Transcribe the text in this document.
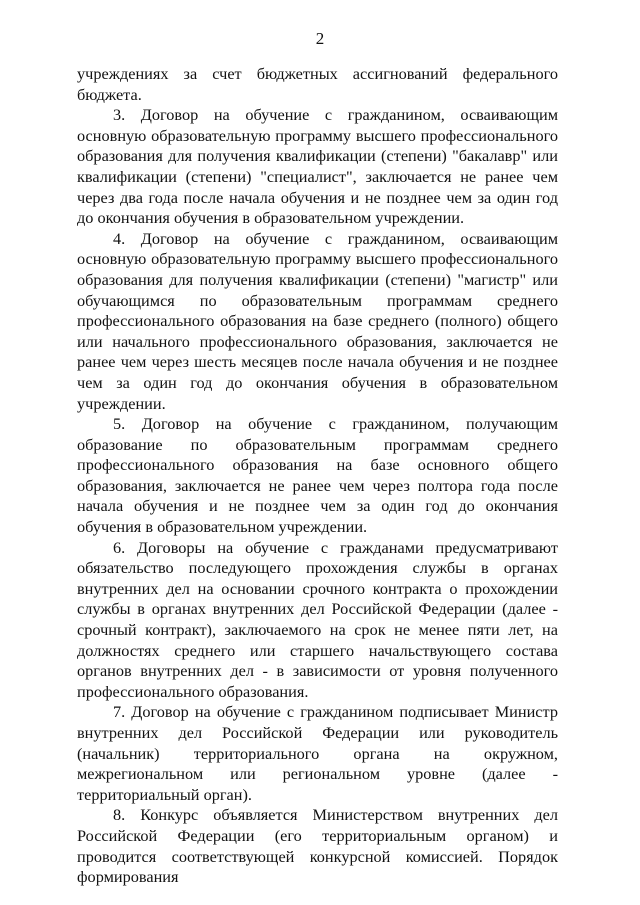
2

учреждениях за счет бюджетных ассигнований федерального бюджета.

3. Договор на обучение с гражданином, осваивающим основную образовательную программу высшего профессионального образования для получения квалификации (степени) "бакалавр" или квалификации (степени) "специалист", заключается не ранее чем через два года после начала обучения и не позднее чем за один год до окончания обучения в образовательном учреждении.

4. Договор на обучение с гражданином, осваивающим основную образовательную программу высшего профессионального образования для получения квалификации (степени) "магистр" или обучающимся по образовательным программам среднего профессионального образования на базе среднего (полного) общего или начального профессионального образования, заключается не ранее чем через шесть месяцев после начала обучения и не позднее чем за один год до окончания обучения в образовательном учреждении.

5. Договор на обучение с гражданином, получающим образование по образовательным программам среднего профессионального образования на базе основного общего образования, заключается не ранее чем через полтора года после начала обучения и не позднее чем за один год до окончания обучения в образовательном учреждении.

6. Договоры на обучение с гражданами предусматривают обязательство последующего прохождения службы в органах внутренних дел на основании срочного контракта о прохождении службы в органах внутренних дел Российской Федерации (далее - срочный контракт), заключаемого на срок не менее пяти лет, на должностях среднего или старшего начальствующего состава органов внутренних дел - в зависимости от уровня полученного профессионального образования.

7. Договор на обучение с гражданином подписывает Министр внутренних дел Российской Федерации или руководитель (начальник) территориального органа на окружном, межрегиональном или региональном уровне (далее - территориальный орган).

8. Конкурс объявляется Министерством внутренних дел Российской Федерации (его территориальным органом) и проводится соответствующей конкурсной комиссией. Порядок формирования
